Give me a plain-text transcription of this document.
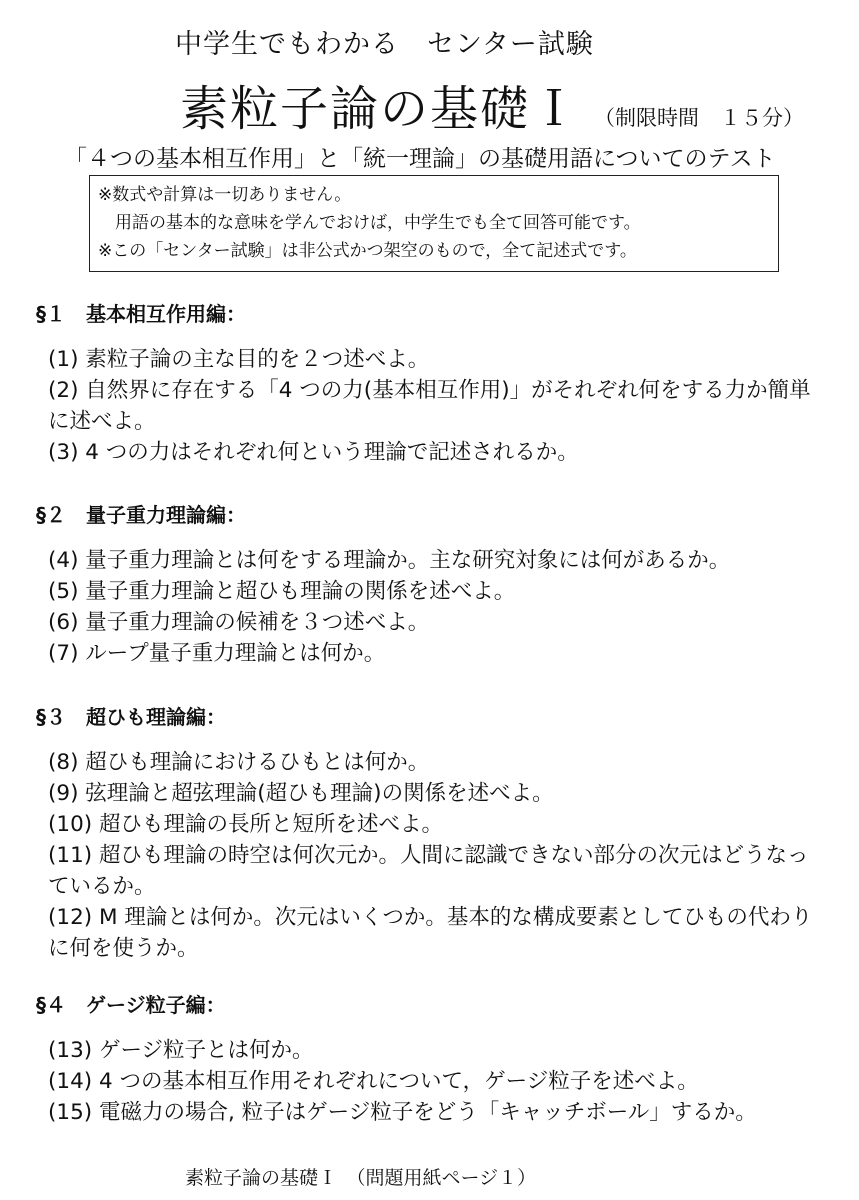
中学生でもわかる　センター試験
素粒子論の基礎Ｉ （制限時間　１５分）
「４つの基本相互作用」と「統一理論」の基礎用語についてのテスト
※数式や計算は一切ありません。
　用語の基本的な意味を学んでおけば，中学生でも全て回答可能です。
※この「センター試験」は非公式かつ架空のもので，全て記述式です。
§１　基本相互作用編：
(1) 素粒子論の主な目的を２つ述べよ。
(2) 自然界に存在する「4 つの力(基本相互作用)」がそれぞれ何をする力か簡単に述べよ。
(3) 4 つの力はそれぞれ何という理論で記述されるか。
§２　量子重力理論編：
(4) 量子重力理論とは何をする理論か。主な研究対象には何があるか。
(5) 量子重力理論と超ひも理論の関係を述べよ。
(6) 量子重力理論の候補を３つ述べよ。
(7) ループ量子重力理論とは何か。
§３　超ひも理論編：
(8) 超ひも理論におけるひもとは何か。
(9) 弦理論と超弦理論(超ひも理論)の関係を述べよ。
(10) 超ひも理論の長所と短所を述べよ。
(11) 超ひも理論の時空は何次元か。人間に認識できない部分の次元はどうなっているか。
(12) M 理論とは何か。次元はいくつか。基本的な構成要素としてひもの代わりに何を使うか。
§４　ゲージ粒子編：
(13) ゲージ粒子とは何か。
(14) 4 つの基本相互作用それぞれについて，ゲージ粒子を述べよ。
(15) 電磁力の場合, 粒子はゲージ粒子をどう「キャッチボール」するか。
素粒子論の基礎Ｉ　（問題用紙ページ１）
